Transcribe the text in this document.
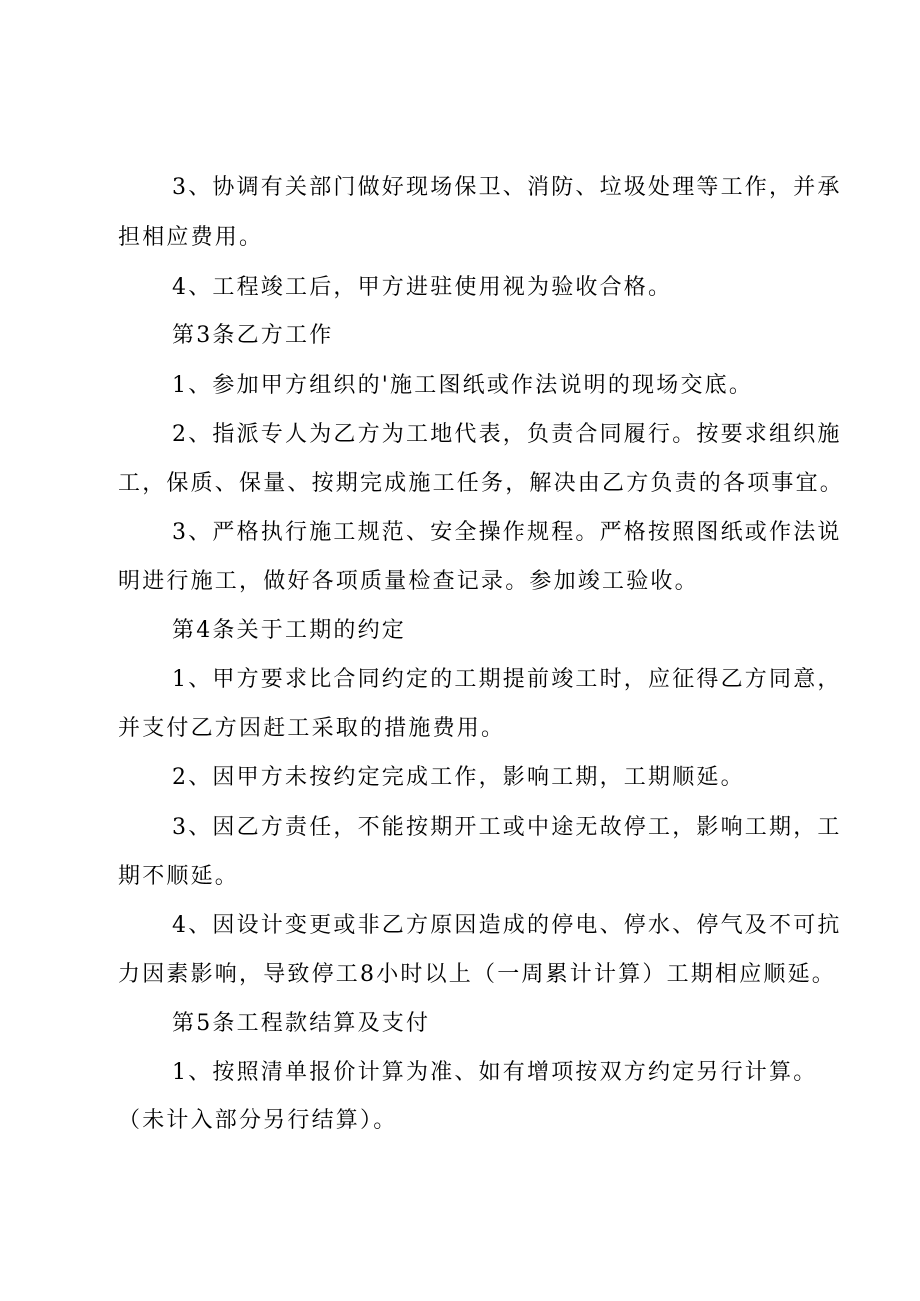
3、协调有关部门做好现场保卫、消防、垃圾处理等工作，并承
担相应费用。
4、工程竣工后，甲方进驻使用视为验收合格。
第3条乙方工作
1、参加甲方组织的'施工图纸或作法说明的现场交底。
2、指派专人为乙方为工地代表，负责合同履行。按要求组织施
工，保质、保量、按期完成施工任务，解决由乙方负责的各项事宜。
3、严格执行施工规范、安全操作规程。严格按照图纸或作法说
明进行施工，做好各项质量检查记录。参加竣工验收。
第4条关于工期的约定
1、甲方要求比合同约定的工期提前竣工时，应征得乙方同意，
并支付乙方因赶工采取的措施费用。
2、因甲方未按约定完成工作，影响工期，工期顺延。
3、因乙方责任，不能按期开工或中途无故停工，影响工期，工
期不顺延。
4、因设计变更或非乙方原因造成的停电、停水、停气及不可抗
力因素影响，导致停工8小时以上（一周累计计算）工期相应顺延。
第5条工程款结算及支付
1、按照清单报价计算为准、如有增项按双方约定另行计算。
（未计入部分另行结算）。
